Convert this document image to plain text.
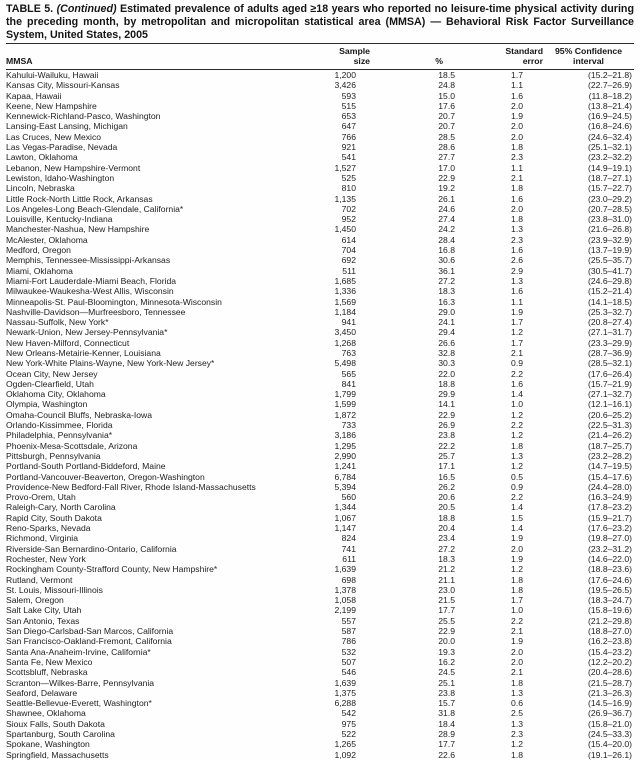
TABLE 5. (Continued) Estimated prevalence of adults aged ≥18 years who reported no leisure-time physical activity during the preceding month, by metropolitan and micropolitan statistical area (MMSA) — Behavioral Risk Factor Surveillance System, United States, 2005
MMSA	
Sample
size	%	
Standard
error

95% Confidence
interval

Kahului-Wailuku, Hawaii	1,200	18.5	1.7	(15.2–21.8)
Kansas City, Missouri-Kansas	3,426	24.8	1.1	(22.7–26.9)
Kapaa, Hawaii	593	15.0	1.6	(11.8–18.2)
Keene, New Hampshire	515	17.6	2.0	(13.8–21.4)
Kennewick-Richland-Pasco, Washington	653	20.7	1.9	(16.9–24.5)
Lansing-East Lansing, Michigan	647	20.7	2.0	(16.8–24.6)
Las Cruces, New Mexico	766	28.5	2.0	(24.6–32.4)
Las Vegas-Paradise, Nevada	921	28.6	1.8	(25.1–32.1)
Lawton, Oklahoma	541	27.7	2.3	(23.2–32.2)
Lebanon, New Hampshire-Vermont	1,527	17.0	1.1	(14.9–19.1)
Lewiston, Idaho-Washington	525	22.9	2.1	(18.7–27.1)
Lincoln, Nebraska	810	19.2	1.8	(15.7–22.7)
Little Rock-North Little Rock, Arkansas	1,135	26.1	1.6	(23.0–29.2)
Los Angeles-Long Beach-Glendale, California*	702	24.6	2.0	(20.7–28.5)
Louisville, Kentucky-Indiana	952	27.4	1.8	(23.8–31.0)
Manchester-Nashua, New Hampshire	1,450	24.2	1.3	(21.6–26.8)
McAlester, Oklahoma	614	28.4	2.3	(23.9–32.9)
Medford, Oregon	704	16.8	1.6	(13.7–19.9)
Memphis, Tennessee-Mississippi-Arkansas	692	30.6	2.6	(25.5–35.7)
Miami, Oklahoma	511	36.1	2.9	(30.5–41.7)
Miami-Fort Lauderdale-Miami Beach, Florida	1,685	27.2	1.3	(24.6–29.8)
Milwaukee-Waukesha-West Allis, Wisconsin	1,336	18.3	1.6	(15.2–21.4)
Minneapolis-St. Paul-Bloomington, Minnesota-Wisconsin	1,569	16.3	1.1	(14.1–18.5)
Nashville-Davidson—Murfreesboro, Tennessee	1,184	29.0	1.9	(25.3–32.7)
Nassau-Suffolk, New York*	941	24.1	1.7	(20.8–27.4)
Newark-Union, New Jersey-Pennsylvania*	3,450	29.4	1.2	(27.1–31.7)
New Haven-Milford, Connecticut	1,268	26.6	1.7	(23.3–29.9)
New Orleans-Metairie-Kenner, Louisiana	763	32.8	2.1	(28.7–36.9)
New York-White Plains-Wayne, New York-New Jersey*	5,498	30.3	0.9	(28.5–32.1)
Ocean City, New Jersey	565	22.0	2.2	(17.6–26.4)
Ogden-Clearfield, Utah	841	18.8	1.6	(15.7–21.9)
Oklahoma City, Oklahoma	1,799	29.9	1.4	(27.1–32.7)
Olympia, Washington	1,599	14.1	1.0	(12.1–16.1)
Omaha-Council Bluffs, Nebraska-Iowa	1,872	22.9	1.2	(20.6–25.2)
Orlando-Kissimmee, Florida	733	26.9	2.2	(22.5–31.3)
Philadelphia, Pennsylvania*	3,186	23.8	1.2	(21.4–26.2)
Phoenix-Mesa-Scottsdale, Arizona	1,295	22.2	1.8	(18.7–25.7)
Pittsburgh, Pennsylvania	2,990	25.7	1.3	(23.2–28.2)
Portland-South Portland-Biddeford, Maine	1,241	17.1	1.2	(14.7–19.5)
Portland-Vancouver-Beaverton, Oregon-Washington	6,784	16.5	0.5	(15.4–17.6)
Providence-New Bedford-Fall River, Rhode Island-Massachusetts	5,394	26.2	0.9	(24.4–28.0)
Provo-Orem, Utah	560	20.6	2.2	(16.3–24.9)
Raleigh-Cary, North Carolina	1,344	20.5	1.4	(17.8–23.2)
Rapid City, South Dakota	1,067	18.8	1.5	(15.9–21.7)
Reno-Sparks, Nevada	1,147	20.4	1.4	(17.6–23.2)
Richmond, Virginia	824	23.4	1.9	(19.8–27.0)
Riverside-San Bernardino-Ontario, California	741	27.2	2.0	(23.2–31.2)
Rochester, New York	611	18.3	1.9	(14.6–22.0)
Rockingham County-Strafford County, New Hampshire*	1,639	21.2	1.2	(18.8–23.6)
Rutland, Vermont	698	21.1	1.8	(17.6–24.6)
St. Louis, Missouri-Illinois	1,378	23.0	1.8	(19.5–26.5)
Salem, Oregon	1,058	21.5	1.7	(18.3–24.7)
Salt Lake City, Utah	2,199	17.7	1.0	(15.8–19.6)
San Antonio, Texas	557	25.5	2.2	(21.2–29.8)
San Diego-Carlsbad-San Marcos, California	587	22.9	2.1	(18.8–27.0)
San Francisco-Oakland-Fremont, California	786	20.0	1.9	(16.2–23.8)
Santa Ana-Anaheim-Irvine, California*	532	19.3	2.0	(15.4–23.2)
Santa Fe, New Mexico	507	16.2	2.0	(12.2–20.2)
Scottsbluff, Nebraska	546	24.5	2.1	(20.4–28.6)
Scranton—Wilkes-Barre, Pennsylvania	1,639	25.1	1.8	(21.5–28.7)
Seaford, Delaware	1,375	23.8	1.3	(21.3–26.3)
Seattle-Bellevue-Everett, Washington*	6,288	15.7	0.6	(14.5–16.9)
Shawnee, Oklahoma	542	31.8	2.5	(26.9–36.7)
Sioux Falls, South Dakota	975	18.4	1.3	(15.8–21.0)
Spartanburg, South Carolina	522	28.9	2.3	(24.5–33.3)
Spokane, Washington	1,265	17.7	1.2	(15.4–20.0)
Springfield, Massachusetts	1,092	22.6	1.8	(19.1–26.1)
